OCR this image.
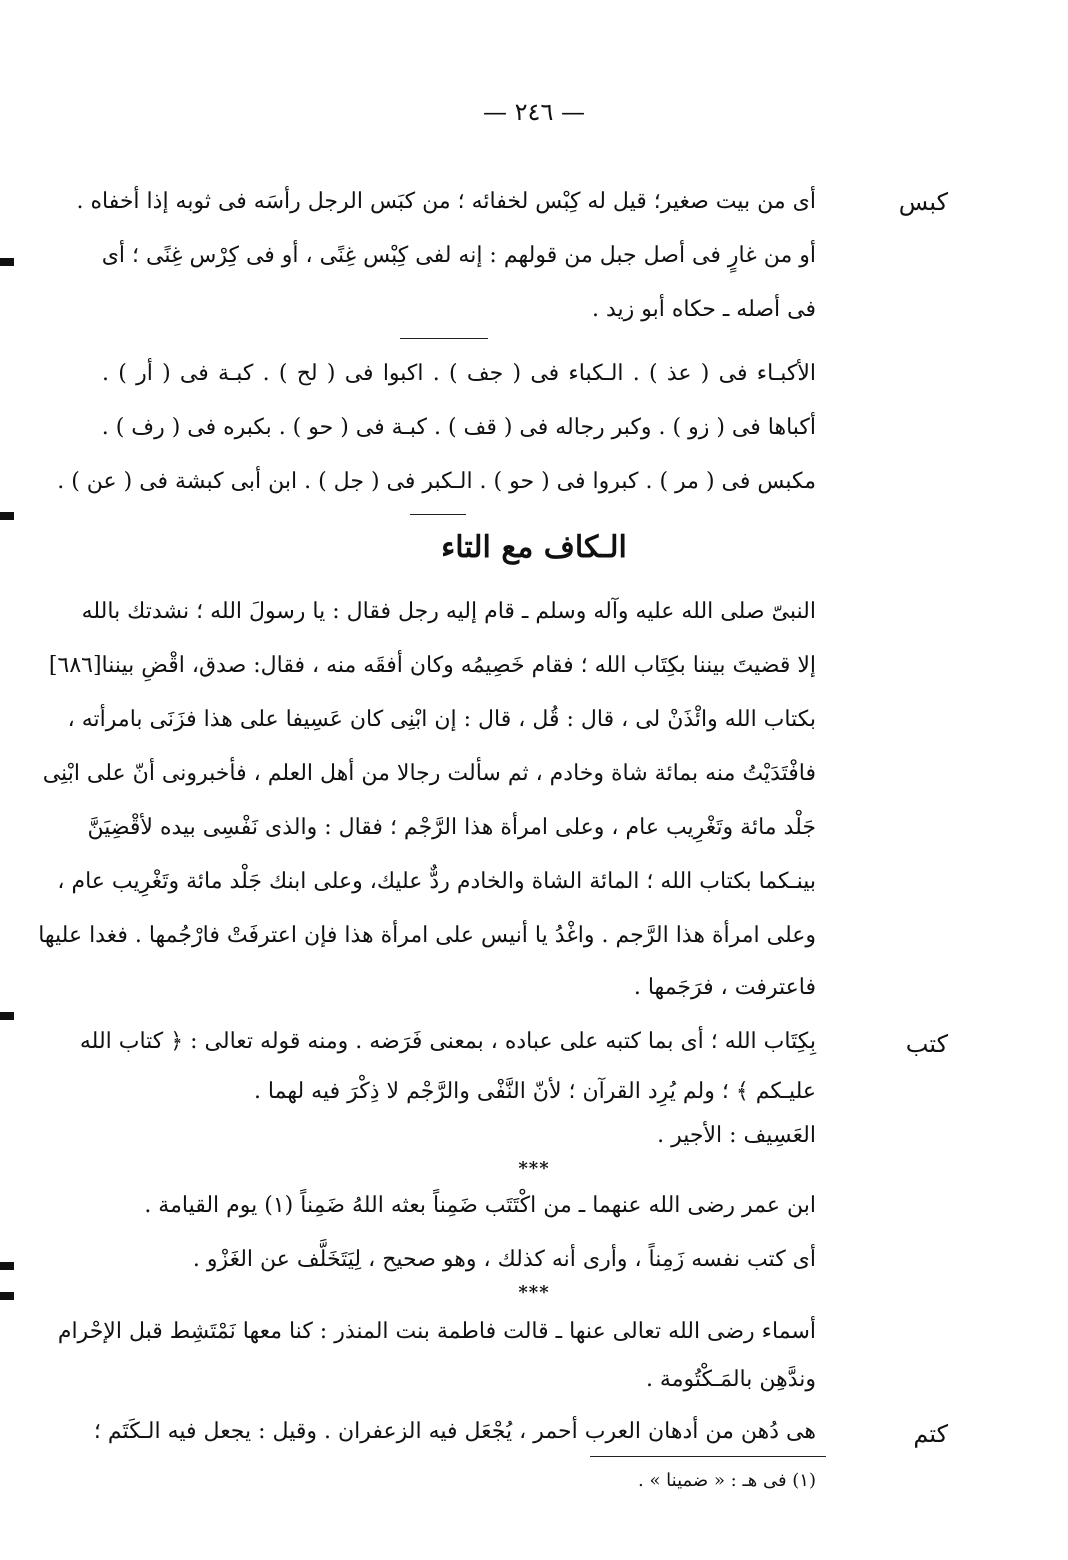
— ٢٤٦ —
كبس
أى من بيت صغير؛ قيل له كِبْس لخفائه ؛ من كبَس الرجل رأسَه فى ثوبه إذا أخفاه .
أو من غارٍ فى أصل جبل من قولهم : إنه لفى كِبْس غِنًى ، أو فى كِرْس غِنًى ؛ أى
فى أصله ـ حكاه أبو زيد .
الأكبـاء فى ( عذ ) . الـكباء فى ( جف ) . اكبوا فى ( لح ) . كبـة فى ( أر ) .
أكباها فى ( زو ) . وكبر رجاله فى ( قف ) . كبـة فى ( حو ) . بكبره فى ( رف ) .
مكبس فى ( مر ) . كبروا فى ( حو ) . الـكبر فى ( جل ) . ابن أبى كبشة فى ( عن ) .
الـكاف مع التاء
النبىّ صلى الله عليه وآله وسلم ـ قام إليه رجل فقال : يا رسولَ الله ؛ نشدتك بالله
إلا قضيتَ بيننا بكِتَاب الله ؛ فقام خَصِيمُه وكان أفقَه منه ، فقال: صدق، اقْضِ بيننا[٦٨٦]
بكتاب الله وائْذَنْ لى ، قال : قُل ، قال : إن ابْنِى كان عَسِيفا على هذا فزَنَى بامرأته ،
فافْتَدَيْتُ منه بمائة شاة وخادم ، ثم سألت رجالا من أهل العلم ، فأخبرونى أنّ على ابْنِى
جَلْد مائة وتَغْرِيب عام ، وعلى امرأة هذا الرَّجْم ؛ فقال : والذى نَفْسِى بيده لأقْضِيَنَّ
بينـكما بكتاب الله ؛ المائة الشاة والخادم ردٌّ عليك، وعلى ابنك جَلْد مائة وتَغْرِيب عام ،
وعلى امرأة هذا الرَّجم . واغْدُ يا أنيس على امرأة هذا فإن اعترفَتْ فارْجُمها . فغدا عليها
فاعترفت ، فرَجَمها .
كتب
بِكِتَاب الله ؛ أى بما كتبه على عباده ، بمعنى فَرَضه . ومنه قوله تعالى : ﴿ كتاب الله
عليـكم ﴾ ؛ ولم يُرِد القرآن ؛ لأنّ النَّفْى والرَّجْم لا ذِكْرَ فيه لهما .
العَسِيف : الأجير .
***
ابن عمر رضى الله عنهما ـ من اكْتَتَب ضَمِناً بعثه اللهُ ضَمِناً (١) يوم القيامة .
أى كتب نفسه زَمِناً ، وأرى أنه كذلك ، وهو صحيح ، لِيَتَخَلَّف عن الغَزْو .
***
أسماء رضى الله تعالى عنها ـ قالت فاطمة بنت المنذر : كنا معها نَمْتَشِط قبل الإحْرام
وندَّهِن بالمَـكْتُومة .
كتم
هى دُهن من أدهان العرب أحمر ، يُجْعَل فيه الزعفران . وقيل : يجعل فيه الـكَتَم ؛
(١) فى هـ : « ضمينا » .
